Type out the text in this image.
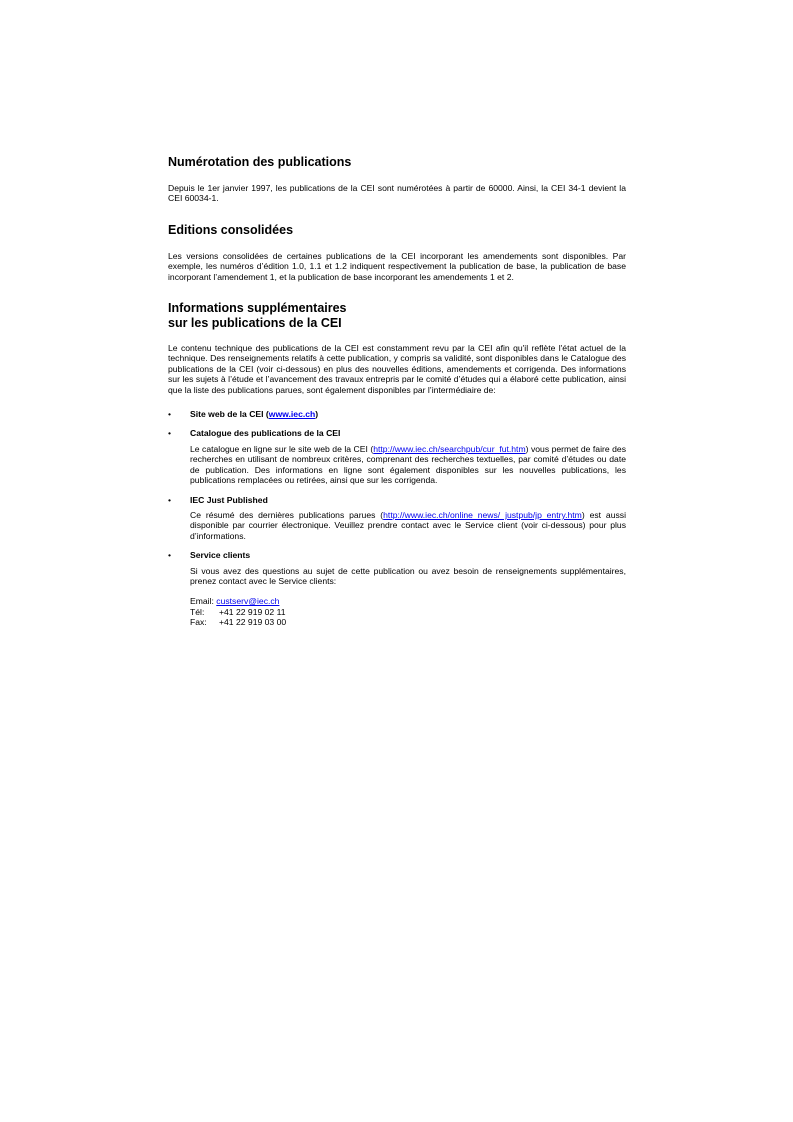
Numérotation des publications

Depuis le 1er janvier 1997, les publications de la CEI sont numérotées à partir de 60000. Ainsi, la CEI 34-1 devient la CEI 60034-1.

Editions consolidées

Les versions consolidées de certaines publications de la CEI incorporant les amendements sont disponibles. Par exemple, les numéros d’édition 1.0, 1.1 et 1.2 indiquent respectivement la publication de base, la publication de base incorporant l’amendement 1, et la publication de base incorporant les amendements 1 et 2.

Informations supplémentaires
sur les publications de la CEI

Le contenu technique des publications de la CEI est constamment revu par la CEI afin qu'il reflète l'état actuel de la technique. Des renseignements relatifs à cette publication, y compris sa validité, sont disponibles dans le Catalogue des publications de la CEI (voir ci-dessous) en plus des nouvelles éditions, amendements et corrigenda. Des informations sur les sujets à l’étude et l’avancement des travaux entrepris par le comité d’études qui a élaboré cette publication, ainsi que la liste des publications parues, sont également disponibles par l’intermédiaire de:

• Site web de la CEI (www.iec.ch)
• Catalogue des publications de la CEI
Le catalogue en ligne sur le site web de la CEI (http://www.iec.ch/searchpub/cur_fut.htm) vous permet de faire des recherches en utilisant de nombreux critères, comprenant des recherches textuelles, par comité d’études ou date de publication. Des informations en ligne sont également disponibles sur les nouvelles publications, les publications remplacées ou retirées, ainsi que sur les corrigenda.
• IEC Just Published
Ce résumé des dernières publications parues (http://www.iec.ch/online_news/ justpub/jp_entry.htm) est aussi disponible par courrier électronique. Veuillez prendre contact avec le Service client (voir ci-dessous) pour plus d’informations.
• Service clients
Si vous avez des questions au sujet de cette publication ou avez besoin de renseignements supplémentaires, prenez contact avec le Service clients:
Email: custserv@iec.ch
Tél: +41 22 919 02 11
Fax: +41 22 919 03 00
